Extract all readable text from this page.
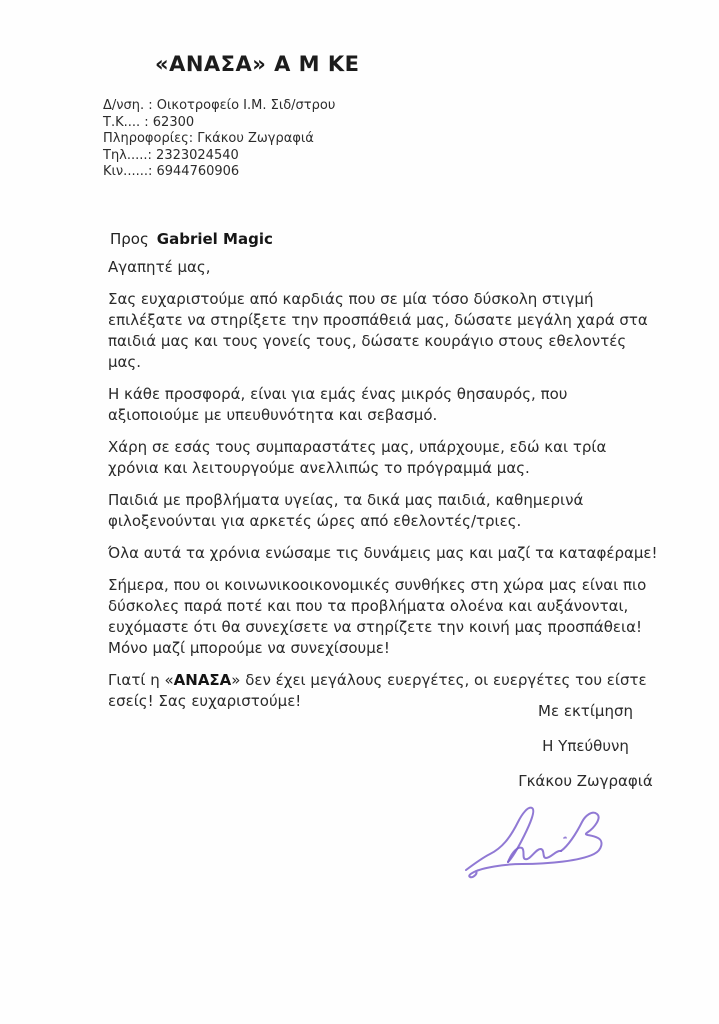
«ΑΝΑΣΑ» Α Μ ΚΕ
Δ/νση. : Οικοτροφείο Ι.Μ. Σιδ/στρου
Τ.Κ.... : 62300
Πληροφορίες: Γκάκου Ζωγραφιά
Τηλ.....: 2323024540
Κιν......: 6944760906
Προς Gabriel Magic

Αγαπητέ μας,

Σας ευχαριστούμε από καρδιάς που σε μία τόσο δύσκολη στιγμή επιλέξατε να στηρίξετε την προσπάθειά μας, δώσατε μεγάλη χαρά στα παιδιά μας και τους γονείς τους, δώσατε κουράγιο στους εθελοντές μας.

Η κάθε προσφορά, είναι για εμάς ένας μικρός θησαυρός, που αξιοποιούμε με υπευθυνότητα και σεβασμό.

Χάρη σε εσάς τους συμπαραστάτες μας, υπάρχουμε, εδώ και τρία χρόνια και λειτουργούμε ανελλιπώς το πρόγραμμά μας.

Παιδιά με προβλήματα υγείας, τα δικά μας παιδιά, καθημερινά φιλοξενούνται για αρκετές ώρες από εθελοντές/τριες.

Όλα αυτά τα χρόνια ενώσαμε τις δυνάμεις μας και μαζί τα καταφέραμε!

Σήμερα, που οι κοινωνικοοικονομικές συνθήκες στη χώρα μας είναι πιο δύσκολες παρά ποτέ και που τα προβλήματα ολοένα και αυξάνονται, ευχόμαστε ότι θα συνεχίσετε να στηρίζετε την κοινή μας προσπάθεια!

Μόνο μαζί μπορούμε να συνεχίσουμε!

Γιατί η «ΑΝΑΣΑ» δεν έχει μεγάλους ευεργέτες, οι ευεργέτες του είστε εσείς! Σας ευχαριστούμε!

Με εκτίμηση
Η Υπεύθυνη
Γκάκου Ζωγραφιά
